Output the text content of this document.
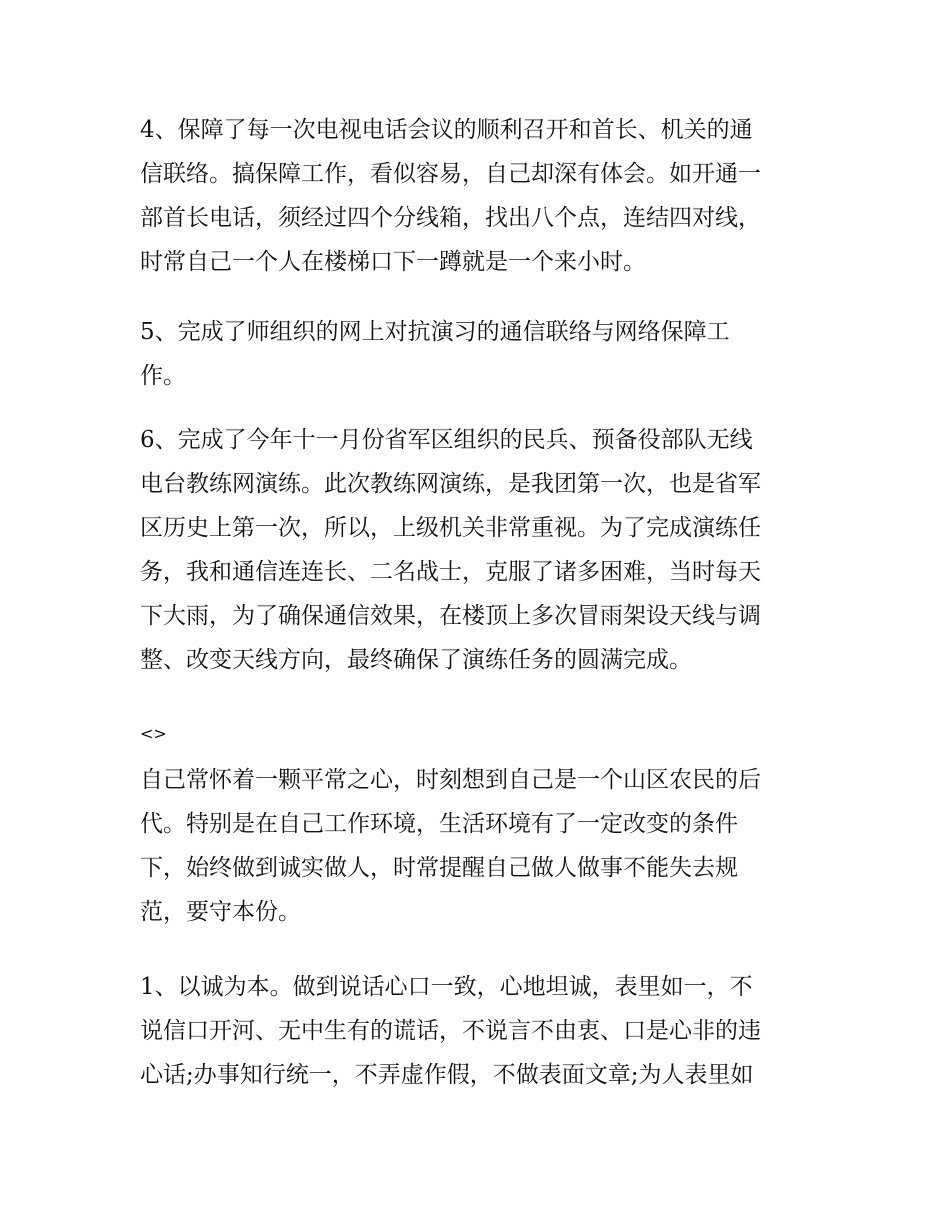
4、保障了每一次电视电话会议的顺利召开和首长、机关的通
信联络。搞保障工作，看似容易，自己却深有体会。如开通一
部首长电话，须经过四个分线箱，找出八个点，连结四对线，
时常自己一个人在楼梯口下一蹲就是一个来小时。
5、完成了师组织的网上对抗演习的通信联络与网络保障工
作。
6、完成了今年十一月份省军区组织的民兵、预备役部队无线
电台教练网演练。此次教练网演练，是我团第一次，也是省军
区历史上第一次，所以，上级机关非常重视。为了完成演练任
务，我和通信连连长、二名战士，克服了诸多困难，当时每天
下大雨，为了确保通信效果，在楼顶上多次冒雨架设天线与调
整、改变天线方向，最终确保了演练任务的圆满完成。
<>
自己常怀着一颗平常之心，时刻想到自己是一个山区农民的后
代。特别是在自己工作环境，生活环境有了一定改变的条件
下，始终做到诚实做人，时常提醒自己做人做事不能失去规
范，要守本份。
1、以诚为本。做到说话心口一致，心地坦诚，表里如一，不
说信口开河、无中生有的谎话，不说言不由衷、口是心非的违
心话;办事知行统一，不弄虚作假，不做表面文章;为人表里如
